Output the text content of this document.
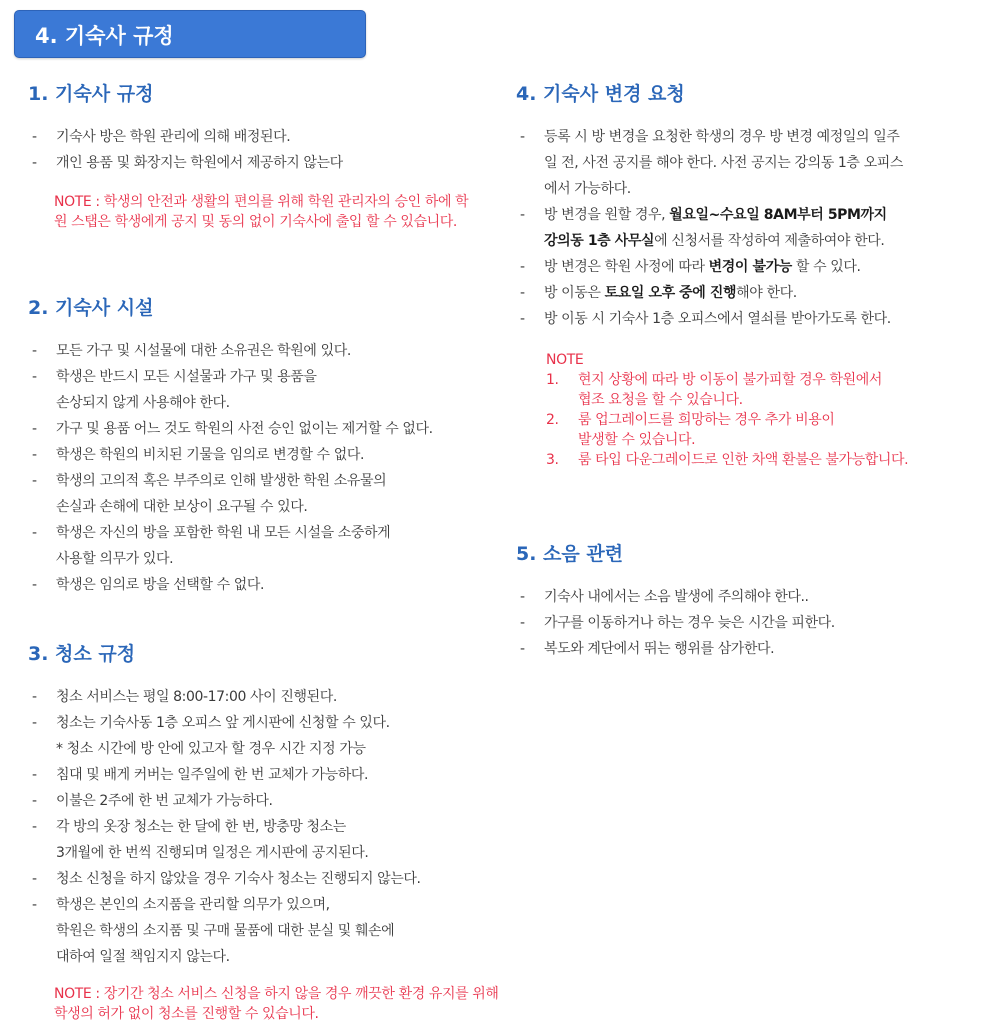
4. 기숙사 규정
1. 기숙사 규정
- 기숙사 방은 학원 관리에 의해 배정된다.
- 개인 용품 및 화장지는 학원에서 제공하지 않는다
NOTE : 학생의 안전과 생활의 편의를 위해 학원 관리자의 승인 하에 학원 스탭은 학생에게 공지 및 동의 없이 기숙사에 출입 할 수 있습니다.
2. 기숙사 시설
- 모든 가구 및 시설물에 대한 소유권은 학원에 있다.
- 학생은 반드시 모든 시설물과 가구 및 용품을
손상되지 않게 사용해야 한다.
- 가구 및 용품 어느 것도 학원의 사전 승인 없이는 제거할 수 없다.
- 학생은 학원의 비치된 기물을 임의로 변경할 수 없다.
- 학생의 고의적 혹은 부주의로 인해 발생한 학원 소유물의
손실과 손해에 대한 보상이 요구될 수 있다.
- 학생은 자신의 방을 포함한 학원 내 모든 시설을 소중하게
사용할 의무가 있다.
- 학생은 임의로 방을 선택할 수 없다.
3. 청소 규정
- 청소 서비스는 평일 8:00-17:00 사이 진행된다.
- 청소는 기숙사동 1층 오피스 앞 게시판에 신청할 수 있다.
* 청소 시간에 방 안에 있고자 할 경우 시간 지정 가능
- 침대 및 배게 커버는 일주일에 한 번 교체가 가능하다.
- 이불은 2주에 한 번 교체가 가능하다.
- 각 방의 옷장 청소는 한 달에 한 번, 방충망 청소는
3개월에 한 번씩 진행되며 일정은 게시판에 공지된다.
- 청소 신청을 하지 않았을 경우 기숙사 청소는 진행되지 않는다.
- 학생은 본인의 소지품을 관리할 의무가 있으며,
학원은 학생의 소지품 및 구매 물품에 대한 분실 및 훼손에
대하여 일절 책임지지 않는다.
NOTE : 장기간 청소 서비스 신청을 하지 않을 경우 깨끗한 환경 유지를 위해
학생의 허가 없이 청소를 진행할 수 있습니다.
4. 기숙사 변경 요청
- 등록 시 방 변경을 요청한 학생의 경우 방 변경 예정일의 일주
일 전, 사전 공지를 해야 한다. 사전 공지는 강의동 1층 오피스
에서 가능하다.
- 방 변경을 원할 경우, 월요일~수요일 8AM부터 5PM까지
강의동 1층 사무실에 신청서를 작성하여 제출하여야 한다.
- 방 변경은 학원 사정에 따라 변경이 불가능 할 수 있다.
- 방 이동은 토요일 오후 중에 진행해야 한다.
- 방 이동 시 기숙사 1층 오피스에서 열쇠를 받아가도록 한다.
NOTE
1. 현지 상황에 따라 방 이동이 불가피할 경우 학원에서
협조 요청을 할 수 있습니다.
2. 룸 업그레이드를 희망하는 경우 추가 비용이
발생할 수 있습니다.
3. 룸 타입 다운그레이드로 인한 차액 환불은 불가능합니다.
5. 소음 관련
- 기숙사 내에서는 소음 발생에 주의해야 한다..
- 가구를 이동하거나 하는 경우 늦은 시간을 피한다.
- 복도와 계단에서 뛰는 행위를 삼가한다.
